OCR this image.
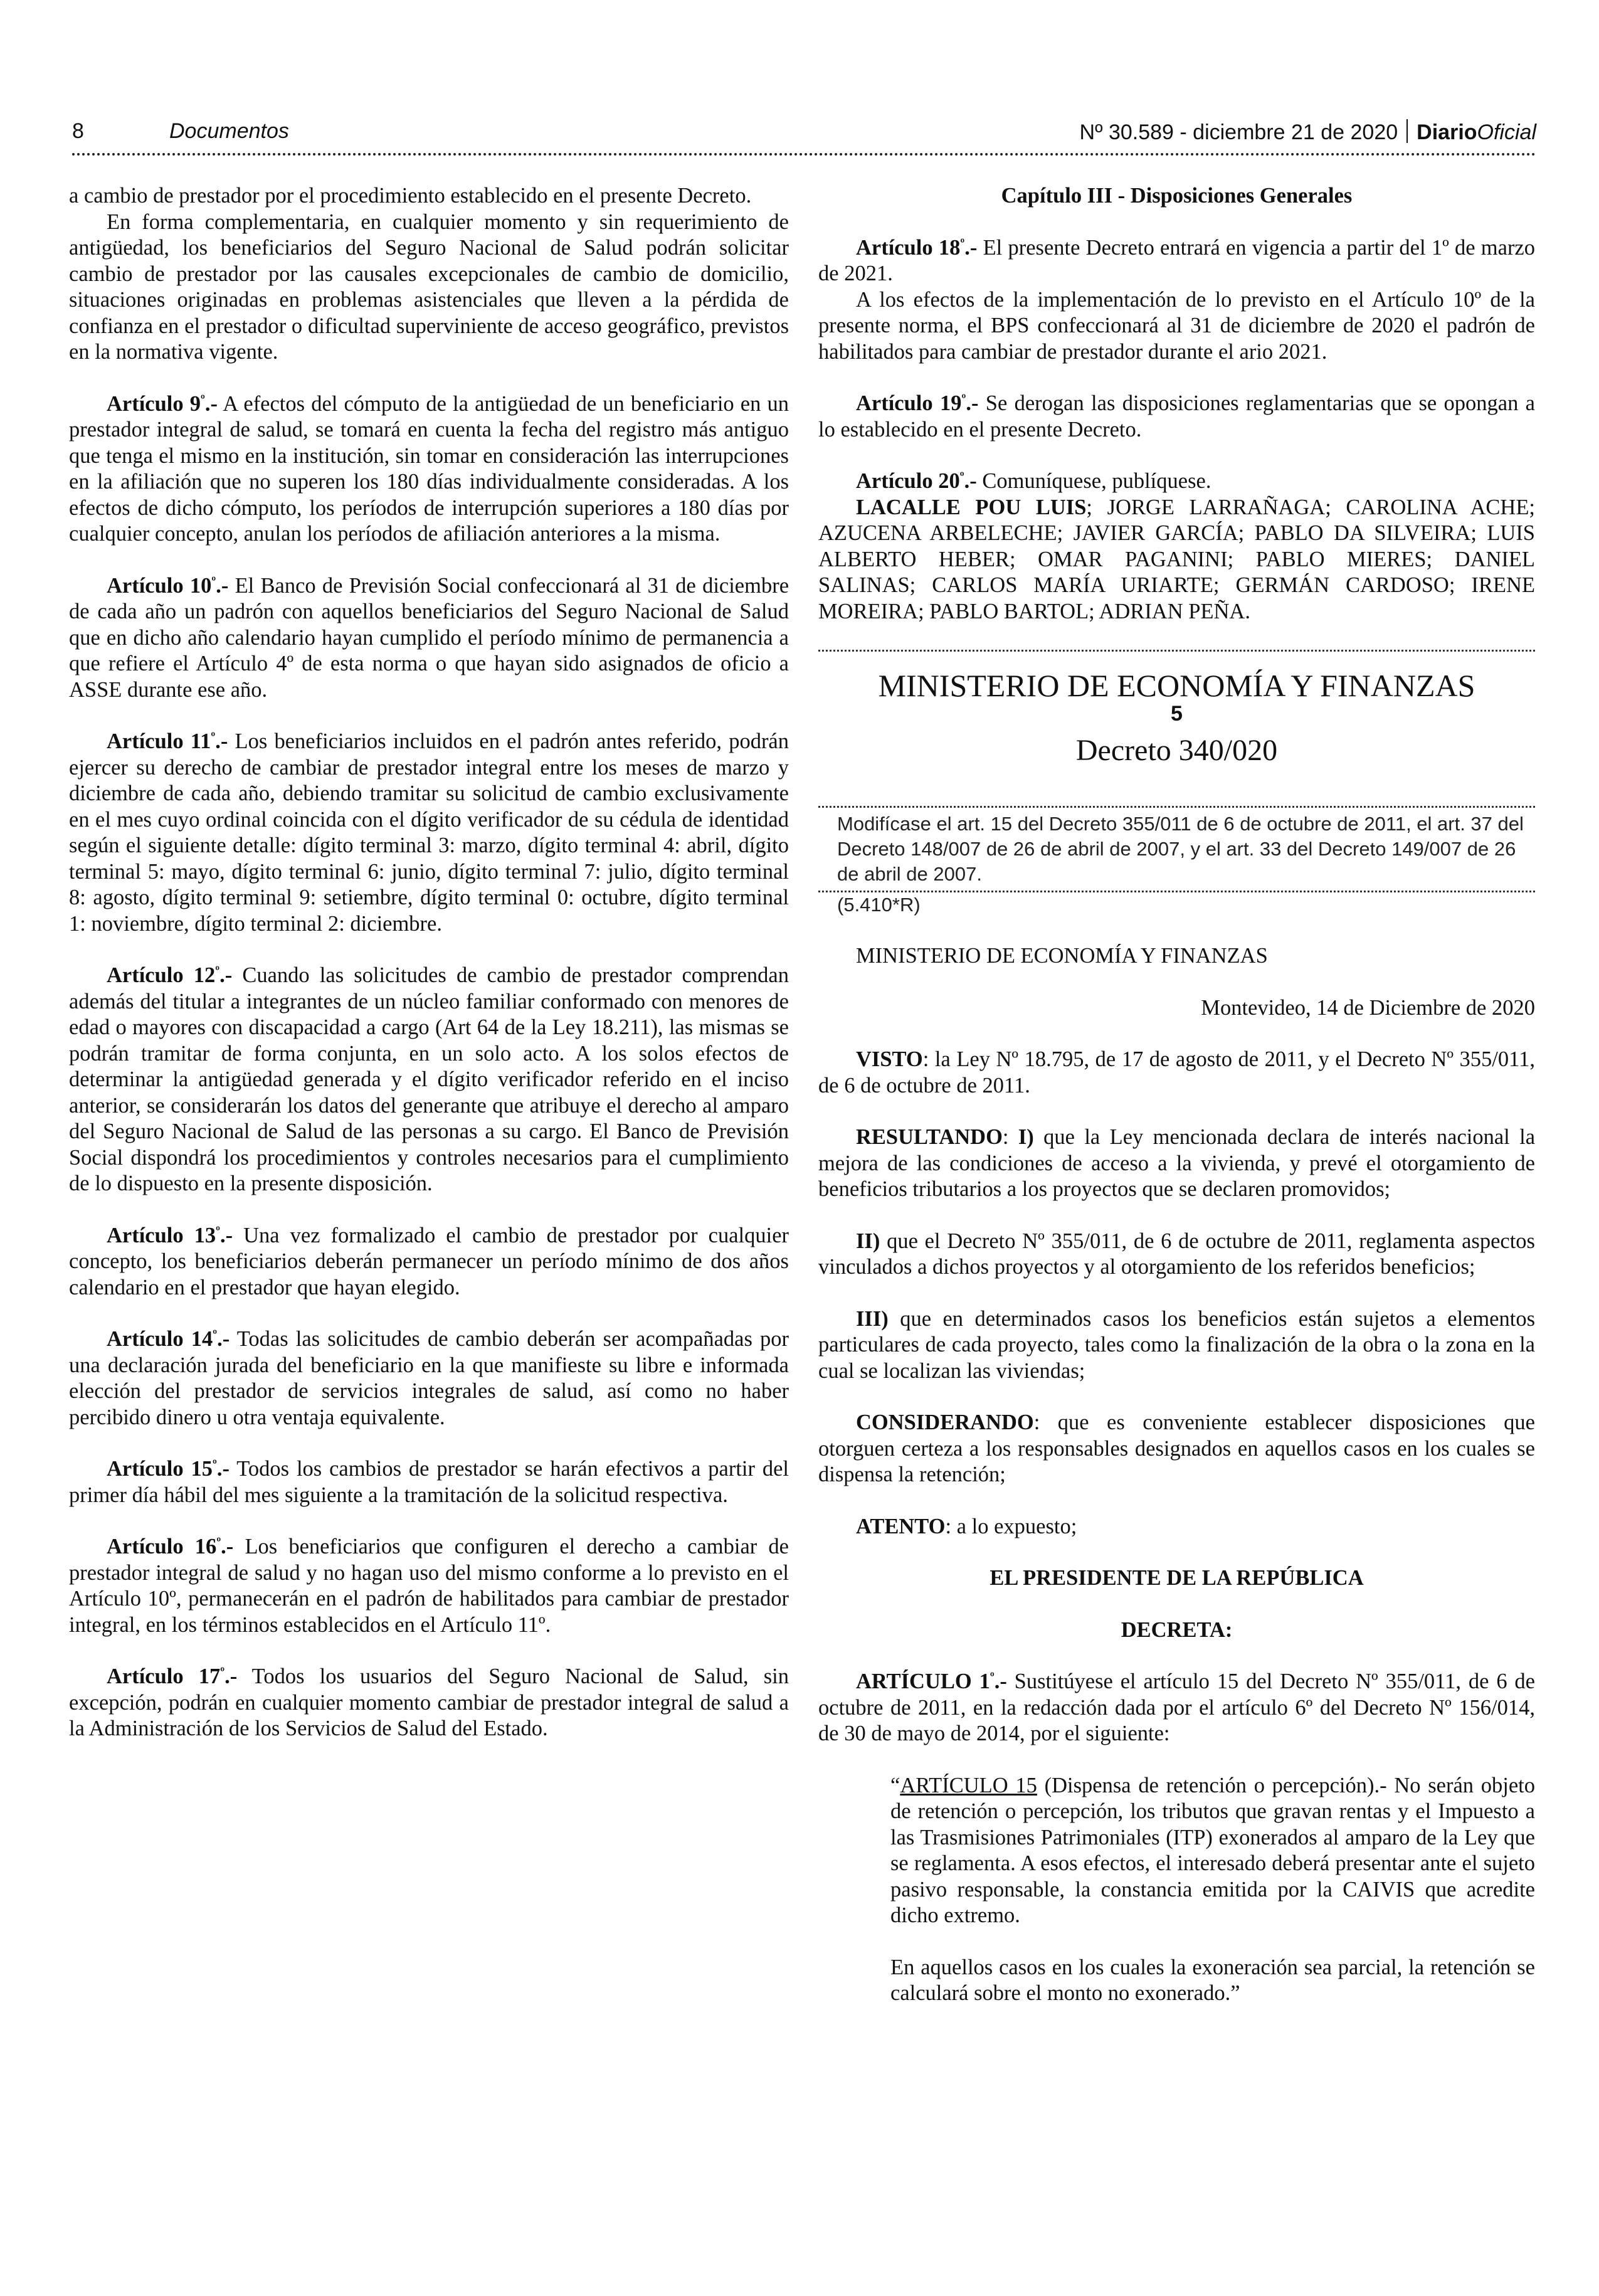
8	Documentos	Nº 30.589 - diciembre 21 de 2020 DiarioOficial

a cambio de prestador por el procedimiento establecido en el presente Decreto.

En forma complementaria, en cualquier momento y sin requerimiento de antigüedad, los beneficiarios del Seguro Nacional de Salud podrán solicitar cambio de prestador por las causales excepcionales de cambio de domicilio, situaciones originadas en problemas asistenciales que lleven a la pérdida de confianza en el prestador o dificultad superviniente de acceso geográfico, previstos en la normativa vigente.

Artículo $9^º.-$ A efectos del cómputo de la antigüedad de un beneficiario en un prestador integral de salud, se tomará en cuenta la fecha del registro más antiguo que tenga el mismo en la institución, sin tomar en consideración las interrupciones en la afiliación que no superen los 180 días individualmente consideradas. A los efectos de dicho cómputo, los períodos de interrupción superiores a 180 días por cualquier concepto, anulan los períodos de afiliación anteriores a la misma.

Artículo $10^º.-$ El Banco de Previsión Social confeccionará al 31 de diciembre de cada año un padrón con aquellos beneficiarios del Seguro Nacional de Salud que en dicho año calendario hayan cumplido el período mínimo de permanencia a que refiere el Artículo 4º de esta norma o que hayan sido asignados de oficio a ASSE durante ese año.

Artículo $11^º.-$ Los beneficiarios incluidos en el padrón antes referido, podrán ejercer su derecho de cambiar de prestador integral entre los meses de marzo y diciembre de cada año, debiendo tramitar su solicitud de cambio exclusivamente en el mes cuyo ordinal coincida con el dígito verificador de su cédula de identidad según el siguiente detalle: dígito terminal 3: marzo, dígito terminal 4: abril, dígito terminal 5: mayo, dígito terminal 6: junio, dígito terminal 7: julio, dígito terminal 8: agosto, dígito terminal 9: setiembre, dígito terminal 0: octubre, dígito terminal 1: noviembre, dígito terminal 2: diciembre.

Artículo $12^º.-$ Cuando las solicitudes de cambio de prestador comprendan además del titular a integrantes de un núcleo familiar conformado con menores de edad o mayores con discapacidad a cargo (Art 64 de la Ley 18.211), las mismas se podrán tramitar de forma conjunta, en un solo acto. A los solos efectos de determinar la antigüedad generada y el dígito verificador referido en el inciso anterior, se considerarán los datos del generante que atribuye el derecho al amparo del Seguro Nacional de Salud de las personas a su cargo. El Banco de Previsión Social dispondrá los procedimientos y controles necesarios para el cumplimiento de lo dispuesto en la presente disposición.

Artículo $13^º.-$ Una vez formalizado el cambio de prestador por cualquier concepto, los beneficiarios deberán permanecer un período mínimo de dos años calendario en el prestador que hayan elegido.

Artículo $14^º.-$ Todas las solicitudes de cambio deberán ser acompañadas por una declaración jurada del beneficiario en la que manifieste su libre e informada elección del prestador de servicios integrales de salud, así como no haber percibido dinero u otra ventaja equivalente.

Artículo $15^º.-$ Todos los cambios de prestador se harán efectivos a partir del primer día hábil del mes siguiente a la tramitación de la solicitud respectiva.

Artículo $16^º.-$ Los beneficiarios que configuren el derecho a cambiar de prestador integral de salud y no hagan uso del mismo conforme a lo previsto en el Artículo 10º, permanecerán en el padrón de habilitados para cambiar de prestador integral, en los términos establecidos en el Artículo 11º.

Artículo $17^º.-$ Todos los usuarios del Seguro Nacional de Salud, sin excepción, podrán en cualquier momento cambiar de prestador integral de salud a la Administración de los Servicios de Salud del Estado.

Capítulo III - Disposiciones Generales

Artículo $18^º.-$ El presente Decreto entrará en vigencia a partir del 1º de marzo de 2021.

A los efectos de la implementación de lo previsto en el Artículo 10º de la presente norma, el BPS confeccionará al 31 de diciembre de 2020 el padrón de habilitados para cambiar de prestador durante el ario 2021.

Artículo $19^º.-$ Se derogan las disposiciones reglamentarias que se opongan a lo establecido en el presente Decreto.

Artículo $20^º.-$ Comuníquese, publíquese.

LACALLE POU LUIS; JORGE LARRAÑAGA; CAROLINA ACHE; AZUCENA ARBELECHE; JAVIER GARCÍA; PABLO DA SILVEIRA; LUIS ALBERTO HEBER; OMAR PAGANINI; PABLO MIERES; DANIEL SALINAS; CARLOS MARÍA URIARTE; GERMÁN CARDOSO; IRENE MOREIRA; PABLO BARTOL; ADRIAN PEÑA.

MINISTERIO DE ECONOMÍA Y FINANZAS

5

Decreto 340/020

Modifícase el art. 15 del Decreto 355/011 de 6 de octubre de 2011, el art. 37 del Decreto 148/007 de 26 de abril de 2007, y el art. 33 del Decreto 149/007 de 26 de abril de 2007.

(5.410*R)

MINISTERIO DE ECONOMÍA Y FINANZAS

Montevideo, 14 de Diciembre de 2020

VISTO: la Ley Nº 18.795, de 17 de agosto de 2011, y el Decreto Nº 355/011, de 6 de octubre de 2011.

RESULTANDO: I) que la Ley mencionada declara de interés nacional la mejora de las condiciones de acceso a la vivienda, y prevé el otorgamiento de beneficios tributarios a los proyectos que se declaren promovidos;

II) que el Decreto Nº 355/011, de 6 de octubre de 2011, reglamenta aspectos vinculados a dichos proyectos y al otorgamiento de los referidos beneficios;

III) que en determinados casos los beneficios están sujetos a elementos particulares de cada proyecto, tales como la finalización de la obra o la zona en la cual se localizan las viviendas;

CONSIDERANDO: que es conveniente establecer disposiciones que otorguen certeza a los responsables designados en aquellos casos en los cuales se dispensa la retención;

ATENTO: a lo expuesto;

EL PRESIDENTE DE LA REPÚBLICA

DECRETA:

ARTÍCULO $1^º.-$ Sustitúyese el artículo 15 del Decreto Nº 355/011, de 6 de octubre de 2011, en la redacción dada por el artículo 6º del Decreto Nº 156/014, de 30 de mayo de 2014, por el siguiente:

“ARTÍCULO 15 (Dispensa de retención o percepción).- No serán objeto de retención o percepción, los tributos que gravan rentas y el Impuesto a las Trasmisiones Patrimoniales (ITP) exonerados al amparo de la Ley que se reglamenta. A esos efectos, el interesado deberá presentar ante el sujeto pasivo responsable, la constancia emitida por la CAIVIS que acredite dicho extremo.

En aquellos casos en los cuales la exoneración sea parcial, la retención se calculará sobre el monto no exonerado.”
